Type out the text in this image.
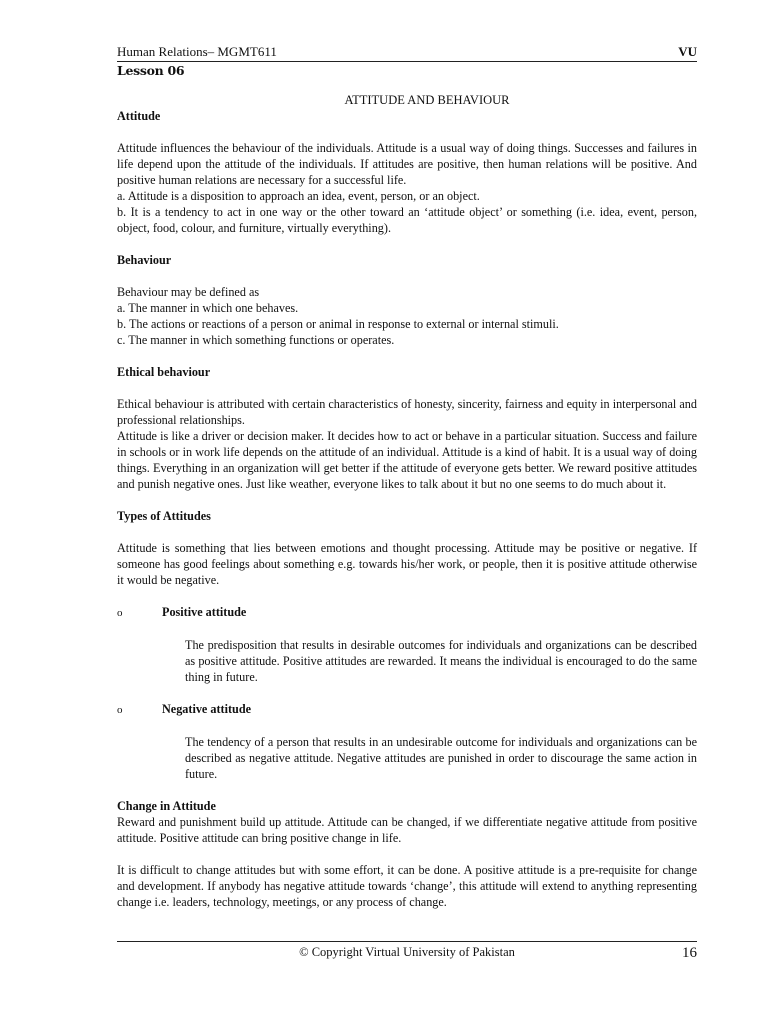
Human Relations– MGMT611	VU
Lesson 06
ATTITUDE AND BEHAVIOUR
Attitude

Attitude influences the behaviour of the individuals. Attitude is a usual way of doing things. Successes and failures in life depend upon the attitude of the individuals. If attitudes are positive, then human relations will be positive. And positive human relations are necessary for a successful life.

a. Attitude is a disposition to approach an idea, event, person, or an object.

b. It is a tendency to act in one way or the other toward an ‘attitude object’ or something (i.e. idea, event, person, object, food, colour, and furniture, virtually everything).

Behaviour

Behaviour may be defined as

a. The manner in which one behaves.

b. The actions or reactions of a person or animal in response to external or internal stimuli.

c. The manner in which something functions or operates.

Ethical behaviour

Ethical behaviour is attributed with certain characteristics of honesty, sincerity, fairness and equity in interpersonal and professional relationships.

Attitude is like a driver or decision maker. It decides how to act or behave in a particular situation. Success and failure in schools or in work life depends on the attitude of an individual. Attitude is a kind of habit. It is a usual way of doing things. Everything in an organization will get better if the attitude of everyone gets better. We reward positive attitudes and punish negative ones. Just like weather, everyone likes to talk about it but no one seems to do much about it.

Types of Attitudes

Attitude is something that lies between emotions and thought processing. Attitude may be positive or negative. If someone has good feelings about something e.g. towards his/her work, or people, then it is positive attitude otherwise it would be negative.

o	Positive attitude

The predisposition that results in desirable outcomes for individuals and organizations can be described as positive attitude. Positive attitudes are rewarded. It means the individual is encouraged to do the same thing in future.

o	Negative attitude

The tendency of a person that results in an undesirable outcome for individuals and organizations can be described as negative attitude. Negative attitudes are punished in order to discourage the same action in future.

Change in Attitude

Reward and punishment build up attitude. Attitude can be changed, if we differentiate negative attitude from positive attitude. Positive attitude can bring positive change in life.

It is difficult to change attitudes but with some effort, it can be done. A positive attitude is a pre-requisite for change and development. If anybody has negative attitude towards ‘change’, this attitude will extend to anything representing change i.e. leaders, technology, meetings, or any process of change.

© Copyright Virtual University of Pakistan	16
